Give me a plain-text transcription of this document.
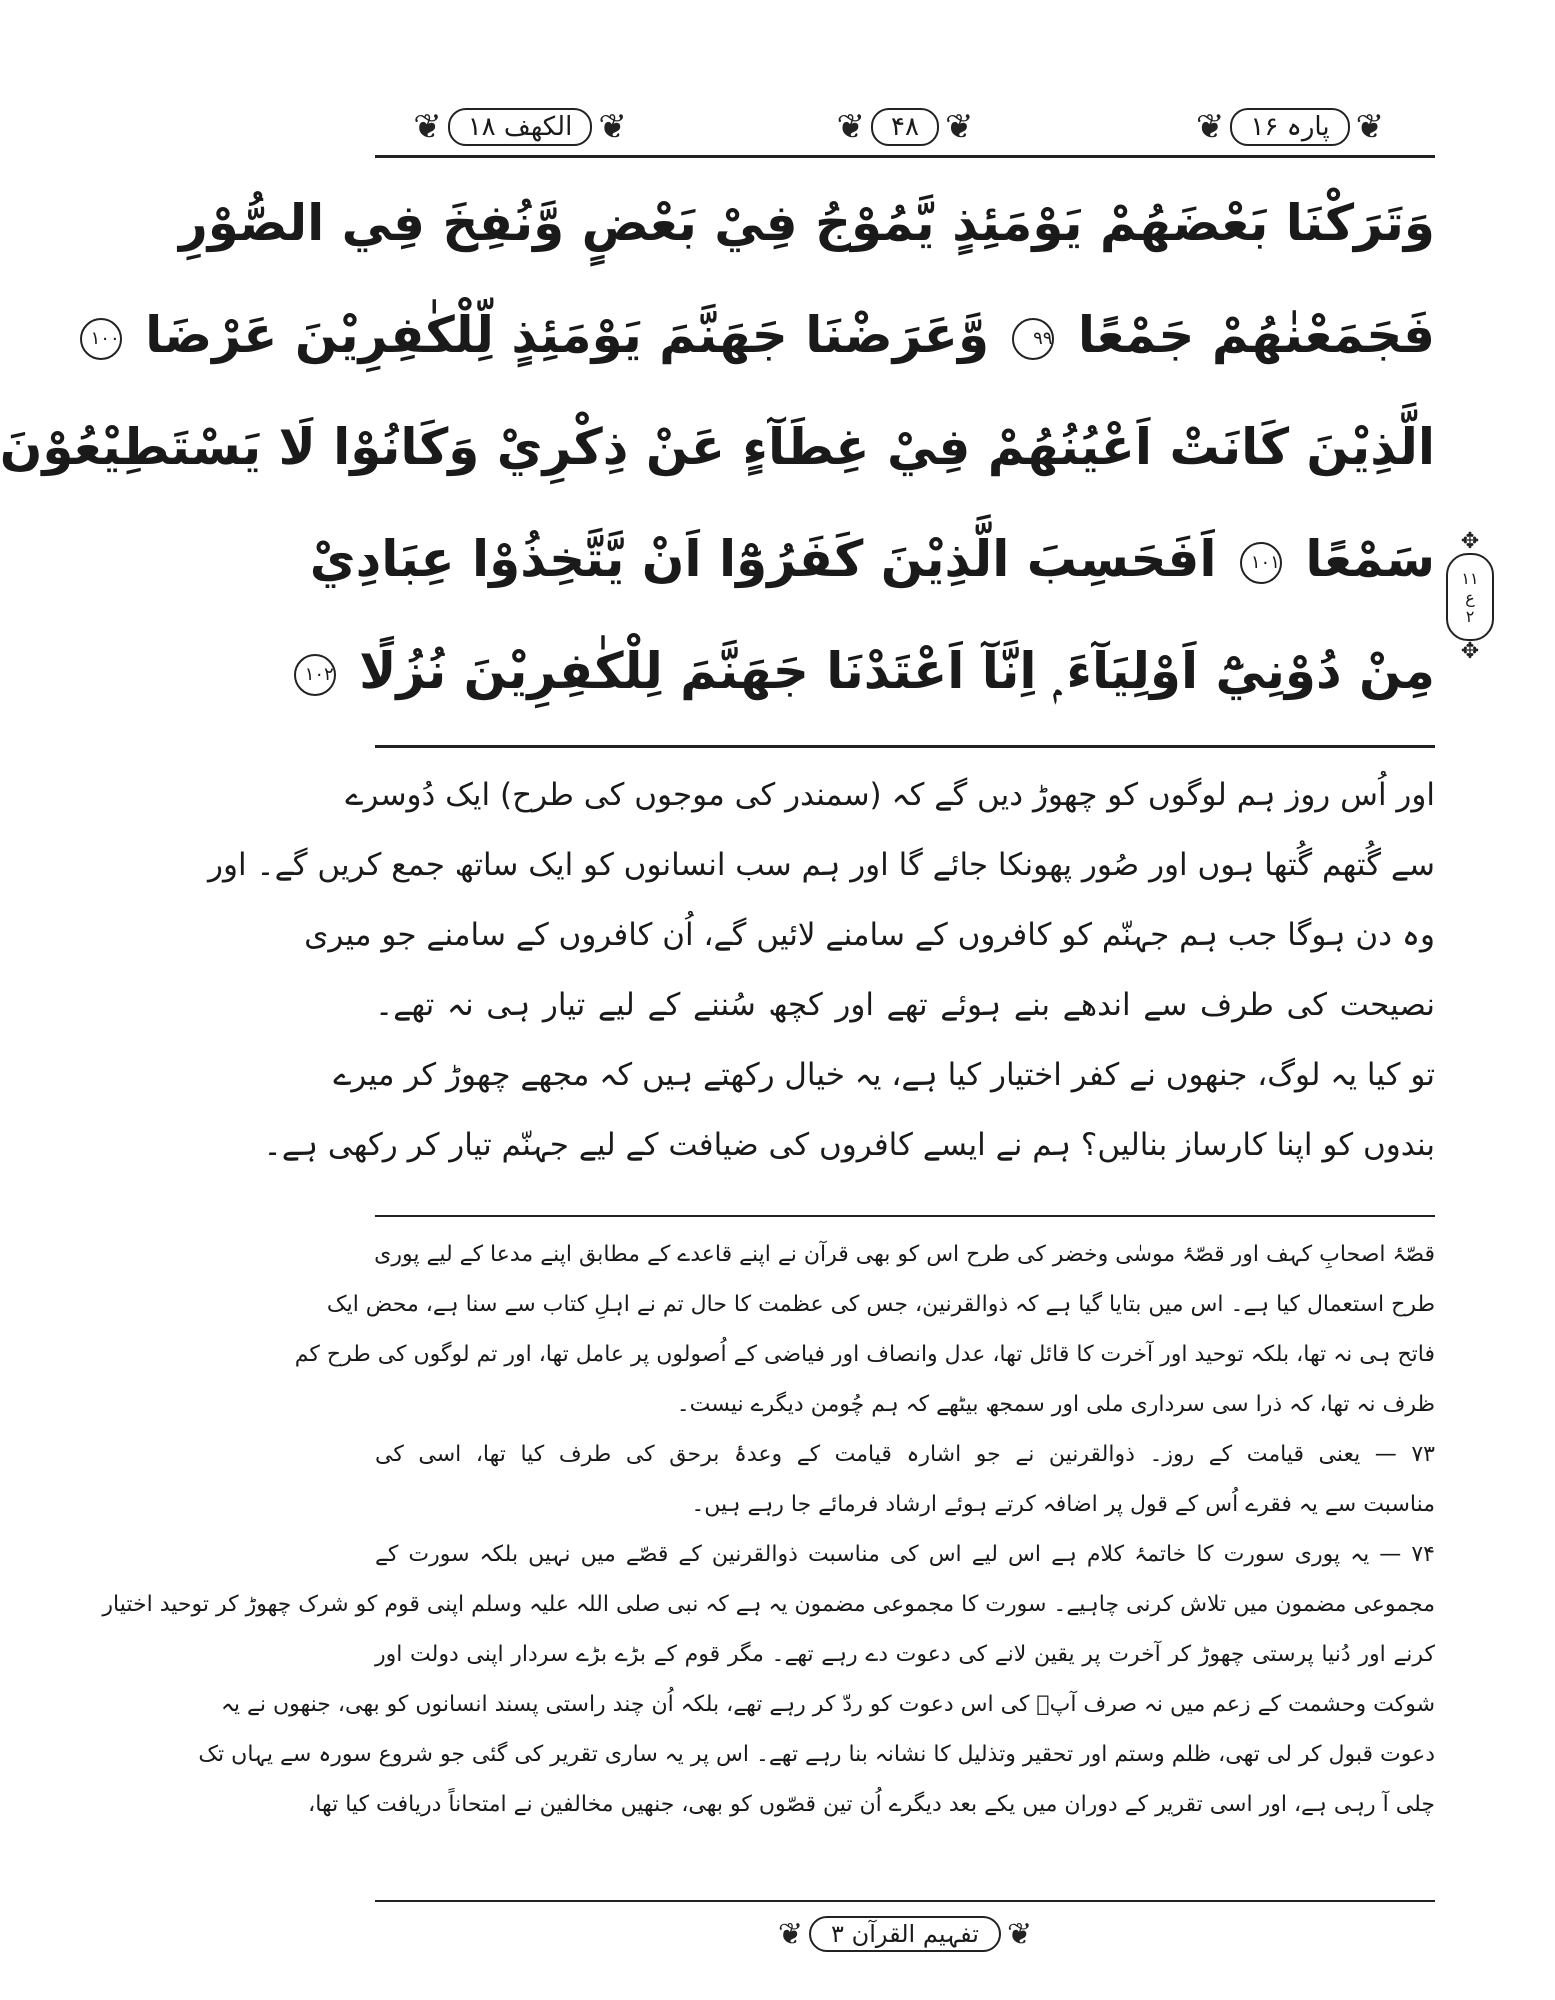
❦
پارہ ۱۶
❦
❦
۴۸
❦
❦
الکھف ۱۸
❦
وَتَرَكْنَا بَعْضَهُمْ يَوْمَئِذٍ يَّمُوْجُ فِيْ بَعْضٍ وَّنُفِخَ فِي الصُّوْرِ
فَجَمَعْنٰهُمْ جَمْعًا ۹۹ وَّعَرَضْنَا جَهَنَّمَ يَوْمَئِذٍ لِّلْكٰفِرِيْنَ عَرْضَا ۱۰۰
الَّذِيْنَ كَانَتْ اَعْيُنُهُمْ فِيْ غِطَآءٍ عَنْ ذِكْرِيْ وَكَانُوْا لَا يَسْتَطِيْعُوْنَ
سَمْعًا ۱۰۱ اَفَحَسِبَ الَّذِيْنَ كَفَرُوْٓا اَنْ يَّتَّخِذُوْا عِبَادِيْ
مِنْ دُوْنِيْٓ اَوْلِيَآءَ ۭ اِنَّآ اَعْتَدْنَا جَهَنَّمَ لِلْكٰفِرِيْنَ نُزُلًا ۱۰۲
✥
۱۱
ع
۲
✥
اور اُس روز ہم لوگوں کو چھوڑ دیں گے کہ (سمندر کی موجوں کی طرح) ایک دُوسرے
سے گُتھم گُتھا ہوں اور صُور پھونکا جائے گا اور ہم سب انسانوں کو ایک ساتھ جمع کریں گے۔ اور
وہ دن ہوگا جب ہم جہنّم کو کافروں کے سامنے لائیں گے، اُن کافروں کے سامنے جو میری
نصیحت کی طرف سے اندھے بنے ہوئے تھے اور کچھ سُننے کے لیے تیار ہی نہ تھے۔
تو کیا یہ لوگ، جنھوں نے کفر اختیار کیا ہے، یہ خیال رکھتے ہیں کہ مجھے چھوڑ کر میرے
بندوں کو اپنا کارساز بنالیں؟ ہم نے ایسے کافروں کی ضیافت کے لیے جہنّم تیار کر رکھی ہے۔
قصّۂ اصحابِ کہف اور قصّۂ موسٰی وخضر کی طرح اس کو بھی قرآن نے اپنے قاعدے کے مطابق اپنے مدعا کے لیے پوری
طرح استعمال کیا ہے۔ اس میں بتایا گیا ہے کہ ذوالقرنین، جس کی عظمت کا حال تم نے اہلِ کتاب سے سنا ہے، محض ایک
فاتح ہی نہ تھا، بلکہ توحید اور آخرت کا قائل تھا، عدل وانصاف اور فیاضی کے اُصولوں پر عامل تھا، اور تم لوگوں کی طرح کم
ظرف نہ تھا، کہ ذرا سی سرداری ملی اور سمجھ بیٹھے کہ ہم چُومن دیگرے نیست۔
۷۳ — یعنی قیامت کے روز۔ ذوالقرنین نے جو اشارہ قیامت کے وعدۂ برحق کی طرف کیا تھا، اسی کی
مناسبت سے یہ فقرے اُس کے قول پر اضافہ کرتے ہوئے ارشاد فرمائے جا رہے ہیں۔
۷۴ — یہ پوری سورت کا خاتمۂ کلام ہے اس لیے اس کی مناسبت ذوالقرنین کے قصّے میں نہیں بلکہ سورت کے
مجموعی مضمون میں تلاش کرنی چاہیے۔ سورت کا مجموعی مضمون یہ ہے کہ نبی صلی اللہ علیہ وسلم اپنی قوم کو شرک چھوڑ کر توحید اختیار
کرنے اور دُنیا پرستی چھوڑ کر آخرت پر یقین لانے کی دعوت دے رہے تھے۔ مگر قوم کے بڑے بڑے سردار اپنی دولت اور
شوکت وحشمت کے زعم میں نہ صرف آپؐ کی اس دعوت کو ردّ کر رہے تھے، بلکہ اُن چند راستی پسند انسانوں کو بھی، جنھوں نے یہ
دعوت قبول کر لی تھی، ظلم وستم اور تحقیر وتذلیل کا نشانہ بنا رہے تھے۔ اس پر یہ ساری تقریر کی گئی جو شروع سورہ سے یہاں تک
چلی آ رہی ہے، اور اسی تقریر کے دوران میں یکے بعد دیگرے اُن تین قصّوں کو بھی، جنھیں مخالفین نے امتحاناً دریافت کیا تھا،
❦
تفہیم القرآن ۳
❦
